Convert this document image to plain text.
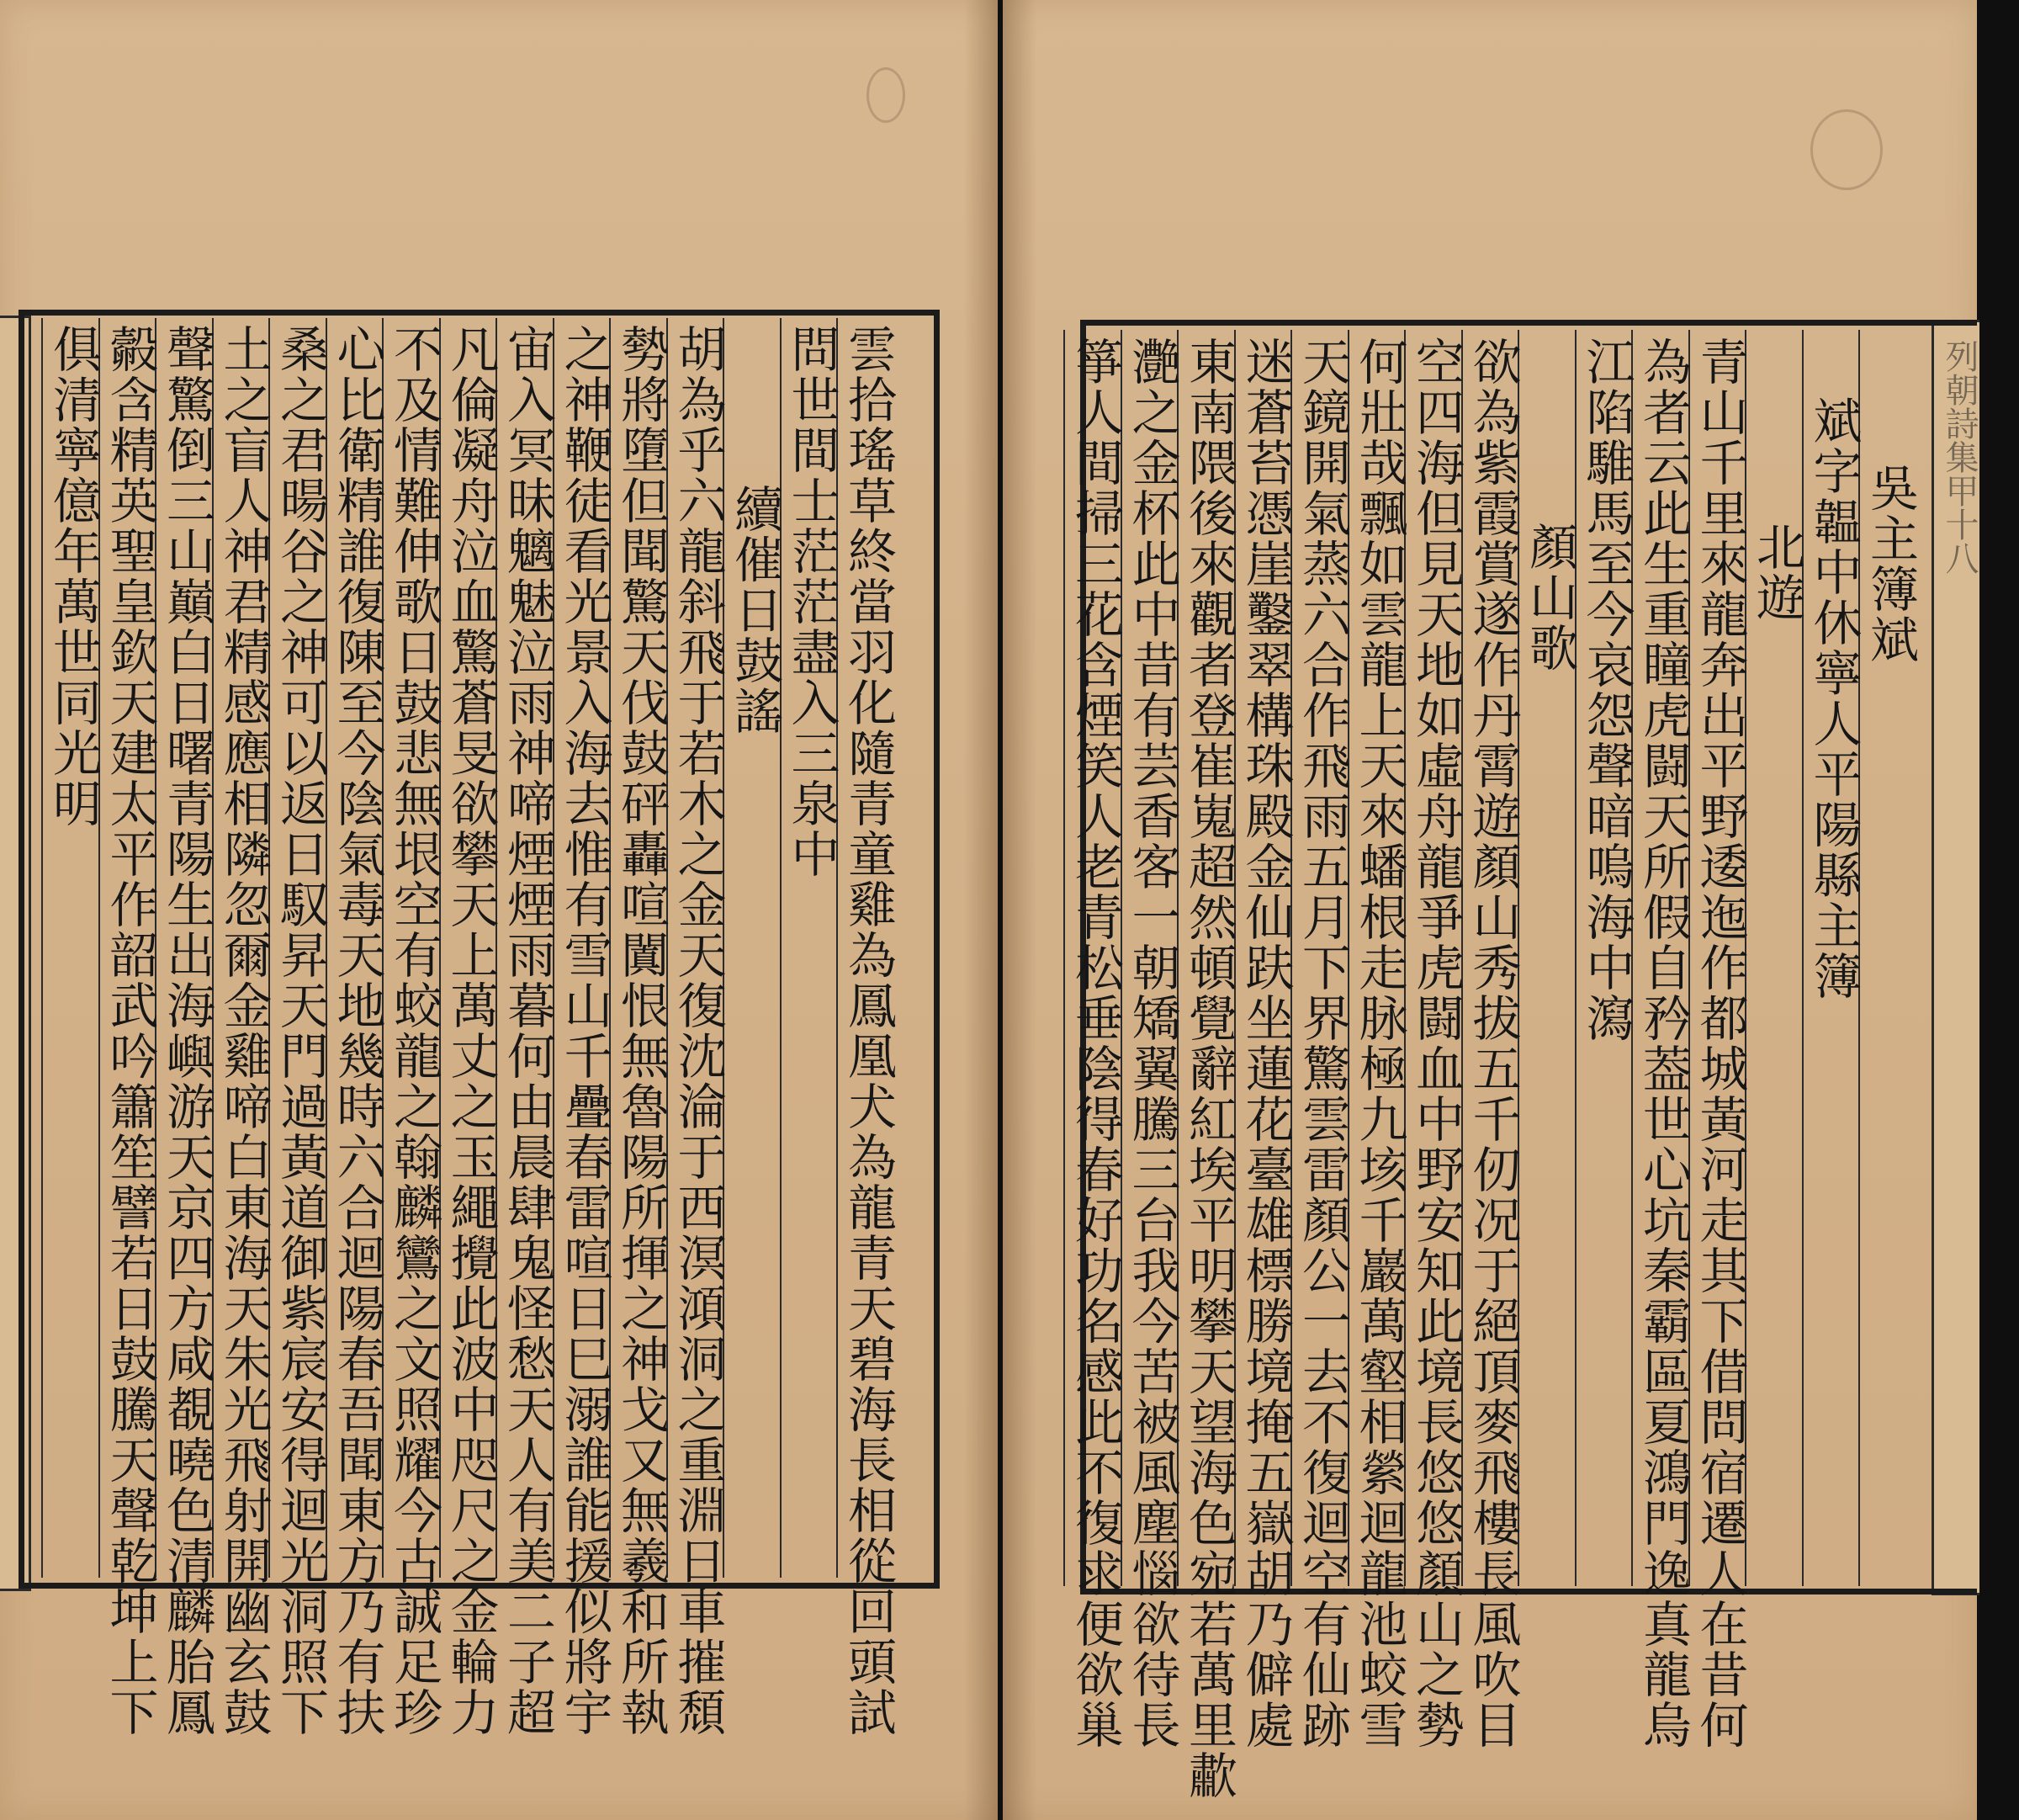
列朝詩集甲十八
雲拾瑤草終當羽化隨青童雞為鳳凰犬為龍青天碧海長相從回頭試
問世間士茫茫盡入三泉中
續催日鼓謠
胡為乎六龍斜飛于若木之金天復沈淪于西溟澒洞之重淵日車摧頹
勢將墮但聞驚天伐鼓砰轟喧闐恨無魯陽所揮之神戈又無羲和所執
之神鞭徒看光景入海去惟有雪山千疊春雷喧日巳溺誰能援似將宇
宙入冥昧魑魅泣雨神啼煙煙雨暮何由晨肆鬼怪愁天人有美二子超
凡倫凝舟泣血驚蒼旻欲攀天上萬丈之玉繩攪此波中咫尺之金輪力
不及情難伸歌日鼓悲無垠空有蛟龍之翰麟鸞之文照耀今古誠足珍
心比衛精誰復陳至今陰氣毒天地幾時六合迴陽春吾聞東方乃有扶
桑之君暘谷之神可以返日馭昇天門過黃道御紫宸安得迴光洞照下
土之盲人神君精感應相隣忽爾金雞啼白東海天朱光飛射開幽玄鼓
聲驚倒三山巔白日曙青陽生出海嶼游天京四方咸覩曉色清麟胎鳳
㲉含精英聖皇欽天建太平作韶武吟簫笙譬若日鼓騰天聲乾坤上下
俱清寧億年萬世同光明	吳主簿斌
斌字韞中休寧人平陽縣主簿
北遊
青山千里來龍奔出平野逶迤作都城黃河走其下借問宿遷人在昔何
為者云此生重瞳虎闘天所假自矜葢世心坑秦霸區夏鴻門逸真龍烏
江陷騅馬至今哀怨聲暗嗚海中瀉
顏山歌
欲為紫霞賞遂作丹霄遊顏山秀拔五千仞况于絕頂麥飛樓長風吹目
空四海但見天地如虛舟龍爭虎闘血中野安知此境長悠悠顏山之勢
何壯哉飄如雲龍上天來蟠根走脉極九垓千巖萬壑相縈迴龍池蛟雪
天鏡開氣蒸六合作飛雨五月下界驚雲雷顏公一去不復迴空有仙跡
迷蒼苔憑崖鑿翠構珠殿金仙趺坐蓮花臺雄標勝境掩五嶽胡乃僻處
東南隈後來觀者登崔嵬超然頓覺辭紅埃平明攀天望海色宛若萬里歗
灔之金杯此中昔有芸香客一朝矯翼騰三台我今苦被風塵惱欲待長
箏人間掃三花含煙笑人老青松垂陰得春好功名感此不復求便欲巢
